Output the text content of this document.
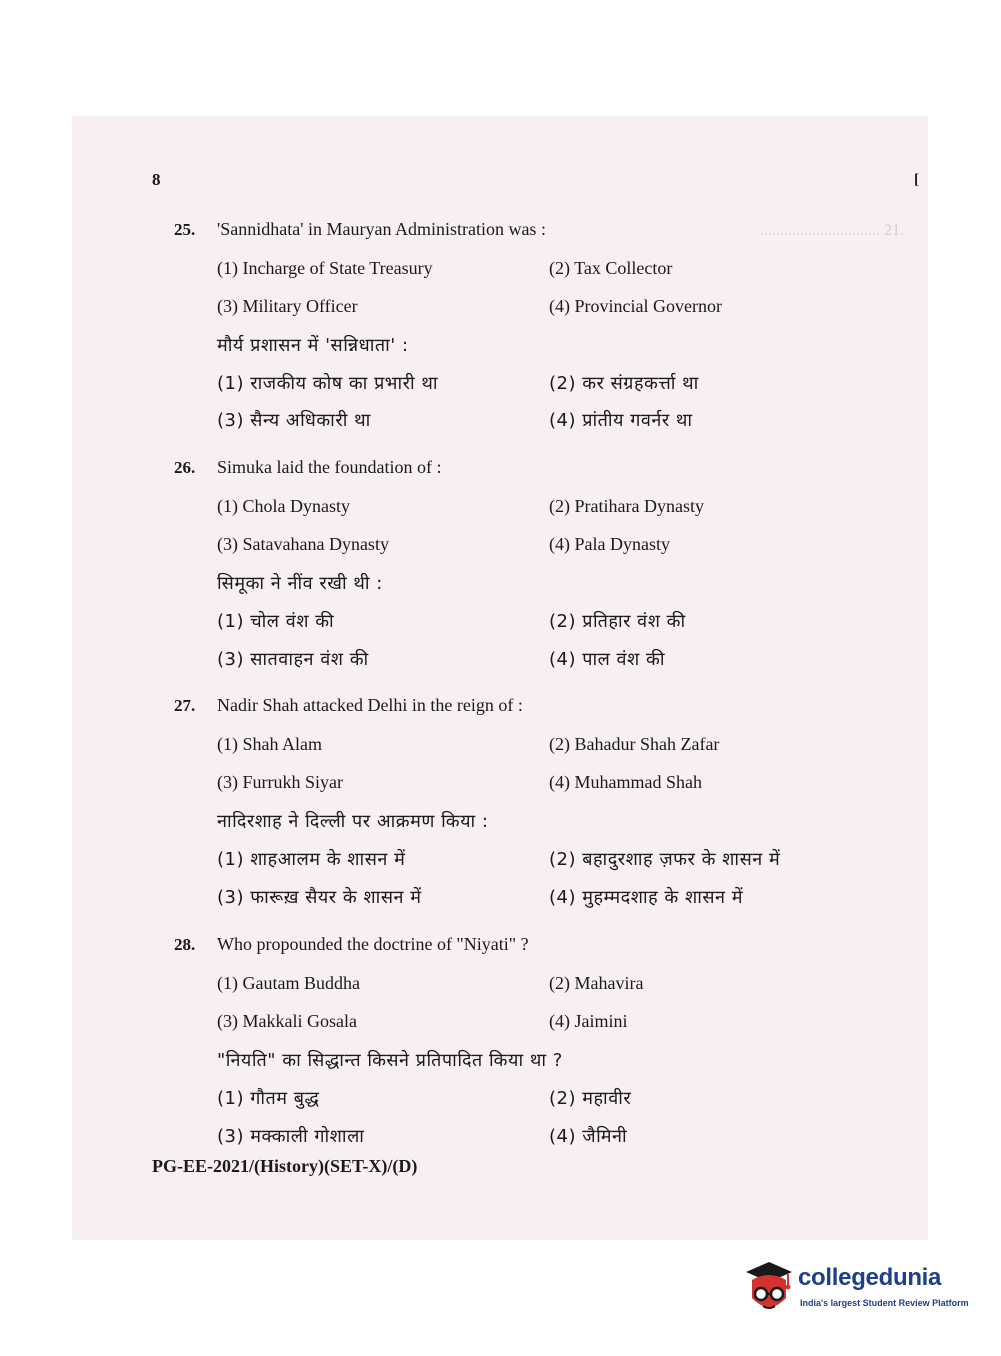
.............................. 21.
8	[
25. 'Sannidhata' in Mauryan Administration was :
(1) Incharge of State Treasury	(2) Tax Collector
(3) Military Officer	(4) Provincial Governor
मौर्य प्रशासन में 'सन्निधाता' :
(1) राजकीय कोष का प्रभारी था	(2) कर संग्रहकर्त्ता था
(3) सैन्य अधिकारी था	(4) प्रांतीय गवर्नर था
26. Simuka laid the foundation of :
(1) Chola Dynasty	(2) Pratihara Dynasty
(3) Satavahana Dynasty	(4) Pala Dynasty
सिमूका ने नींव रखी थी :
(1) चोल वंश की	(2) प्रतिहार वंश की
(3) सातवाहन वंश की	(4) पाल वंश की
27. Nadir Shah attacked Delhi in the reign of :
(1) Shah Alam	(2) Bahadur Shah Zafar
(3) Furrukh Siyar	(4) Muhammad Shah
नादिरशाह ने दिल्ली पर आक्रमण किया :
(1) शाहआलम के शासन में	(2) बहादुरशाह ज़फर के शासन में
(3) फारूख़ सैयर के शासन में	(4) मुहम्मदशाह के शासन में
28. Who propounded the doctrine of "Niyati" ?
(1) Gautam Buddha	(2) Mahavira
(3) Makkali Gosala	(4) Jaimini
"नियति" का सिद्धान्त किसने प्रतिपादित किया था ?
(1) गौतम बुद्ध	(2) महावीर
(3) मक्काली गोशाला	(4) जैमिनी
PG-EE-2021/(History)(SET-X)/(D)
collegedunia
India's largest Student Review Platform
